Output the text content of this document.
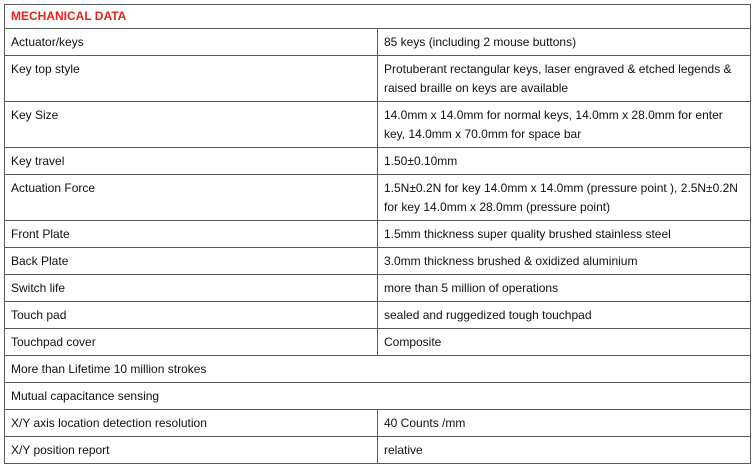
MECHANICAL DATA	
Actuator/keys	85 keys (including 2 mouse buttons)
Key top style	Protuberant rectangular keys, laser engraved & etched legends & raised braille on keys are available
Key Size	14.0mm x 14.0mm for normal keys, 14.0mm x 28.0mm for enter key, 14.0mm x 70.0mm for space bar
Key travel	1.50±0.10mm
Actuation Force	1.5N±0.2N for key 14.0mm x 14.0mm (pressure point ), 2.5N±0.2N for key 14.0mm x 28.0mm (pressure point)
Front Plate	1.5mm thickness super quality brushed stainless steel
Back Plate	3.0mm thickness brushed & oxidized aluminium
Switch life	more than 5 million of operations
Touch pad	sealed and ruggedized tough touchpad
Touchpad cover	Composite
More than Lifetime 10 million strokes	
Mutual capacitance sensing	
X/Y axis location detection resolution	40 Counts /mm
X/Y position report	relative
